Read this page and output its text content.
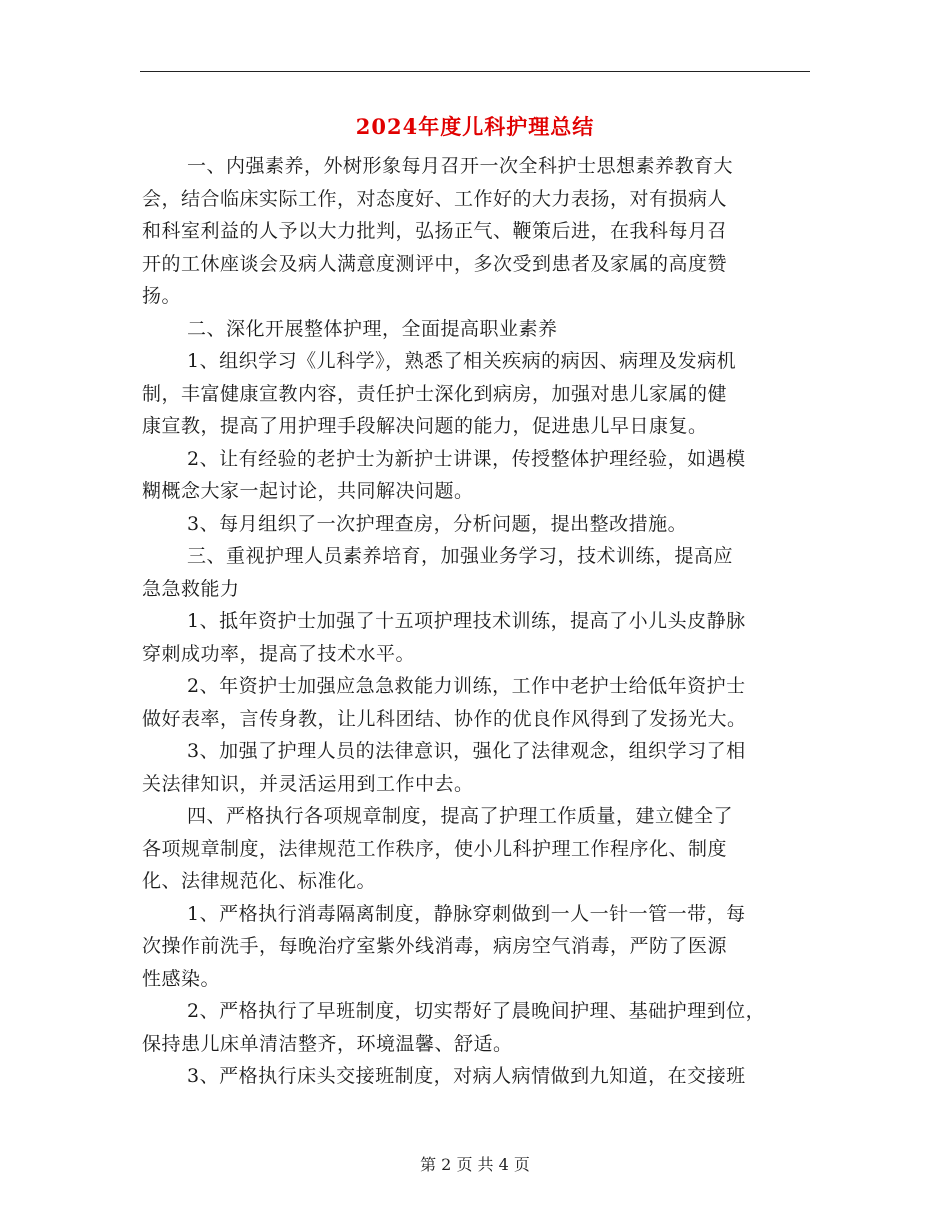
2024年度儿科护理总结
一、内强素养，外树形象每月召开一次全科护士思想素养教育大
会，结合临床实际工作，对态度好、工作好的大力表扬，对有损病人
和科室利益的人予以大力批判，弘扬正气、鞭策后进，在我科每月召
开的工休座谈会及病人满意度测评中，多次受到患者及家属的高度赞
扬。
二、深化开展整体护理，全面提高职业素养
1、组织学习《儿科学》，熟悉了相关疾病的病因、病理及发病机
制，丰富健康宣教内容，责任护士深化到病房，加强对患儿家属的健
康宣教，提高了用护理手段解决问题的能力，促进患儿早日康复。
2、让有经验的老护士为新护士讲课，传授整体护理经验，如遇模
糊概念大家一起讨论，共同解决问题。
3、每月组织了一次护理查房，分析问题，提出整改措施。
三、重视护理人员素养培育，加强业务学习，技术训练，提高应
急急救能力
1、抵年资护士加强了十五项护理技术训练，提高了小儿头皮静脉
穿刺成功率，提高了技术水平。
2、年资护士加强应急急救能力训练，工作中老护士给低年资护士
做好表率，言传身教，让儿科团结、协作的优良作风得到了发扬光大。
3、加强了护理人员的法律意识，强化了法律观念，组织学习了相
关法律知识，并灵活运用到工作中去。
四、严格执行各项规章制度，提高了护理工作质量，建立健全了
各项规章制度，法律规范工作秩序，使小儿科护理工作程序化、制度
化、法律规范化、标准化。
1、严格执行消毒隔离制度，静脉穿刺做到一人一针一管一带，每
次操作前洗手，每晚治疗室紫外线消毒，病房空气消毒，严防了医源
性感染。
2、严格执行了早班制度，切实帮好了晨晚间护理、基础护理到位，
保持患儿床单清洁整齐，环境温馨、舒适。
3、严格执行床头交接班制度，对病人病情做到九知道，在交接班
第 2 页 共 4 页
